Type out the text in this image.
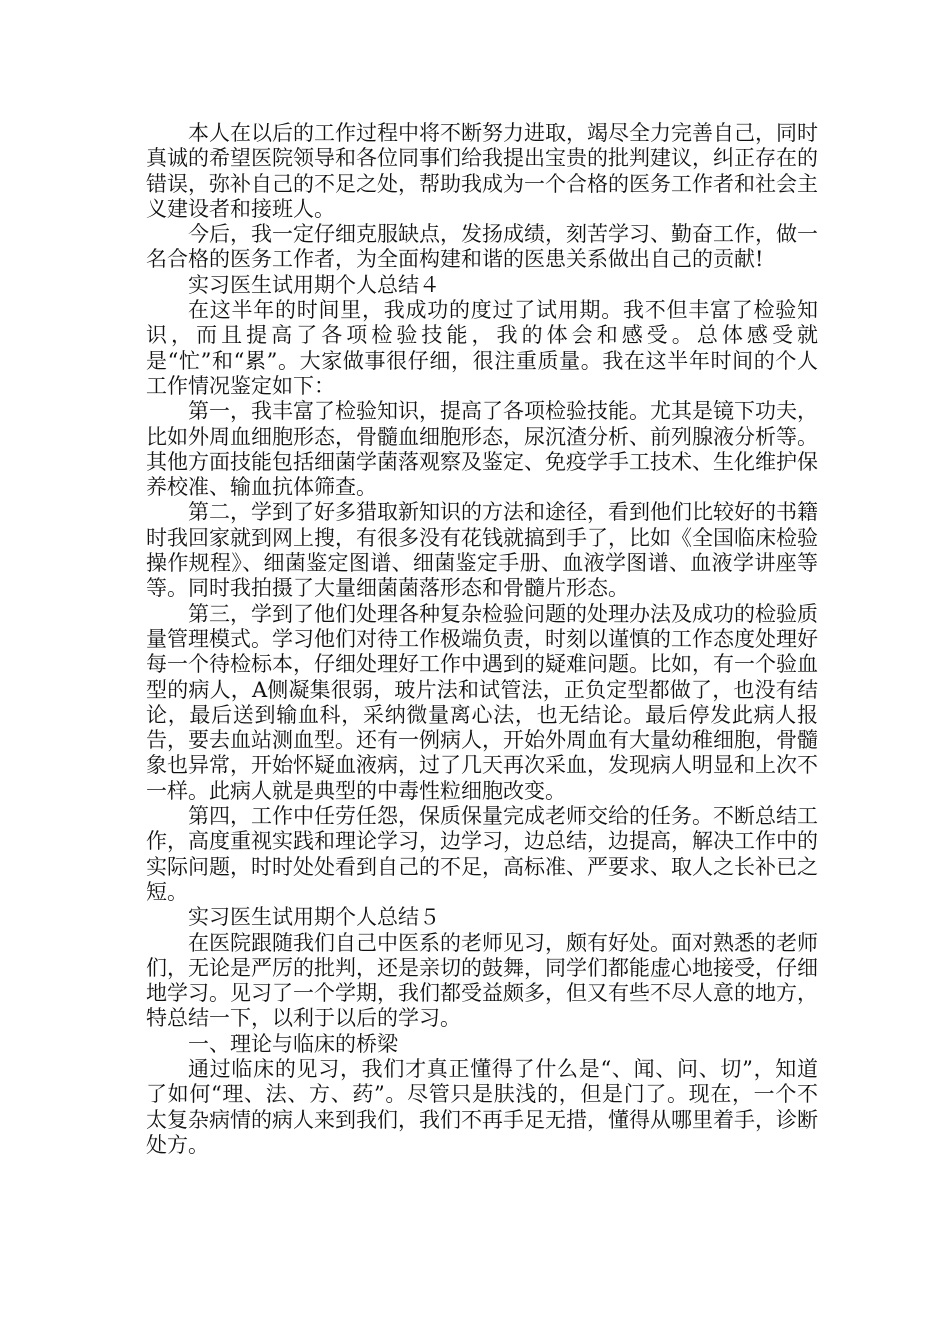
本人在以后的工作过程中将不断努力进取，竭尽全力完善自己，同时真诚的希望医院领导和各位同事们给我提出宝贵的批判建议，纠正存在的错误，弥补自己的不足之处，帮助我成为一个合格的医务工作者和社会主义建设者和接班人。

今后，我一定仔细克服缺点，发扬成绩，刻苦学习、勤奋工作，做一名合格的医务工作者，为全面构建和谐的医患关系做出自己的贡献!

实习医生试用期个人总结４

在这半年的时间里，我成功的度过了试用期。我不但丰富了检验知识，而且提高了各项检验技能，我的体会和感受。总体感受就是“忙”和“累”。大家做事很仔细，很注重质量。我在这半年时间的个人工作情况鉴定如下：

第一，我丰富了检验知识，提高了各项检验技能。尤其是镜下功夫，比如外周血细胞形态，骨髓血细胞形态，尿沉渣分析、前列腺液分析等。其他方面技能包括细菌学菌落观察及鉴定、免疫学手工技术、生化维护保养校准、输血抗体筛查。

第二，学到了好多猎取新知识的方法和途径，看到他们比较好的书籍时我回家就到网上搜，有很多没有花钱就搞到手了，比如《全国临床检验操作规程》、细菌鉴定图谱、细菌鉴定手册、血液学图谱、血液学讲座等等。同时我拍摄了大量细菌菌落形态和骨髓片形态。

第三，学到了他们处理各种复杂检验问题的处理办法及成功的检验质量管理模式。学习他们对待工作极端负责，时刻以谨慎的工作态度处理好每一个待检标本，仔细处理好工作中遇到的疑难问题。比如，有一个验血型的病人，A侧凝集很弱，玻片法和试管法，正负定型都做了，也没有结论，最后送到输血科，采纳微量离心法，也无结论。最后停发此病人报告，要去血站测血型。还有一例病人，开始外周血有大量幼稚细胞，骨髓象也异常，开始怀疑血液病，过了几天再次采血，发现病人明显和上次不一样。此病人就是典型的中毒性粒细胞改变。

第四，工作中任劳任怨，保质保量完成老师交给的任务。不断总结工作，高度重视实践和理论学习，边学习，边总结，边提高，解决工作中的实际问题，时时处处看到自己的不足，高标准、严要求、取人之长补已之短。

实习医生试用期个人总结５

在医院跟随我们自己中医系的老师见习，颇有好处。面对熟悉的老师们，无论是严厉的批判，还是亲切的鼓舞，同学们都能虚心地接受，仔细地学习。见习了一个学期，我们都受益颇多，但又有些不尽人意的地方，特总结一下，以利于以后的学习。

一、理论与临床的桥梁

通过临床的见习，我们才真正懂得了什么是“、闻、问、切”，知道了如何“理、法、方、药”。尽管只是肤浅的，但是门了。现在，一个不太复杂病情的病人来到我们，我们不再手足无措，懂得从哪里着手，诊断处方。
